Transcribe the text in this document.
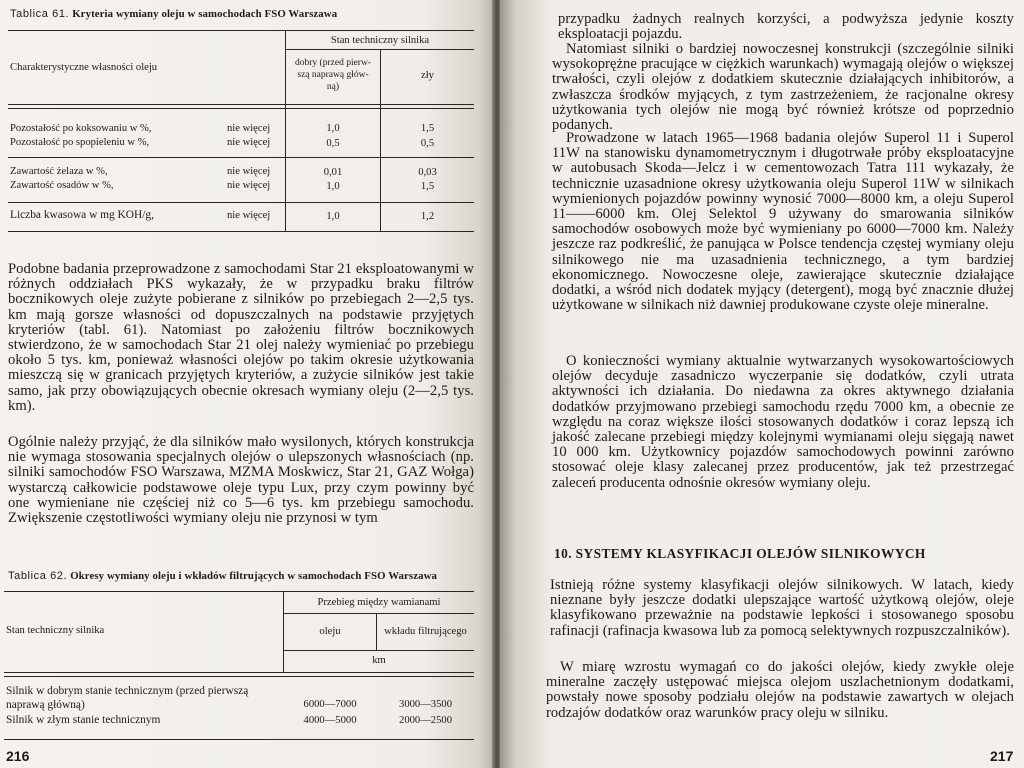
Tablica 61. Kryteria wymiany oleju w samochodach FSO Warszawa
Charakterystyczne własności oleju
Stan techniczny silnika
dobry (przed pierw-
szą naprawą głów-
ną)
zły
Pozostałość po koksowaniu w %,	nie więcej	1,0	1,5
Pozostałość po spopieleniu w %,	nie więcej	0,5	0,5
Zawartość żelaza w %,	nie więcej	0,01	0,03
Zawartość osadów w %,	nie więcej	1,0	1,5
Liczba kwasowa w mg KOH/g,	nie więcej	1,0	1,2

Podobne badania przeprowadzone z samochodami Star 21 eksploatowanymi w różnych oddziałach PKS wykazały, że w przypadku braku filtrów bocznikowych oleje zużyte pobierane z silników po przebiegach 2—2,5 tys. km mają gorsze własności od dopuszczalnych na podstawie przyjętych kryteriów (tabl. 61). Natomiast po założeniu filtrów bocznikowych stwierdzono, że w samochodach Star 21 olej należy wymieniać po przebiegu około 5 tys. km, ponieważ własności olejów po takim okresie użytkowania mieszczą się w granicach przyjętych kryteriów, a zużycie silników jest takie samo, jak przy obowiązujących obecnie okresach wymiany oleju (2—2,5 tys. km).

Ogólnie należy przyjąć, że dla silników mało wysilonych, których konstrukcja nie wymaga stosowania specjalnych olejów o ulepszonych własnościach (np. silniki samochodów FSO Warszawa, MZMA Moskwicz, Star 21, GAZ Wołga) wystarczą całkowicie podstawowe oleje typu Lux, przy czym powinny być one wymieniane nie częściej niż co 5—6 tys. km przebiegu samochodu. Zwiększenie częstotliwości wymiany oleju nie przynosi w tym

Tablica 62. Okresy wymiany oleju i wkładów filtrujących w samochodach FSO Warszawa
Stan techniczny silnika
Przebieg między wamianami
oleju	wkładu filtrującego
km
Silnik w dobrym stanie technicznym (przed pierwszą
naprawą główną)	6000—7000	3000—3500
Silnik w złym stanie technicznym	4000—5000	2000—2500
216

przypadku żadnych realnych korzyści, a podwyższa jedynie koszty eksploatacji pojazdu.

Natomiast silniki o bardziej nowoczesnej konstrukcji (szczególnie silniki wysokoprężne pracujące w ciężkich warunkach) wymagają olejów o większej trwałości, czyli olejów z dodatkiem skutecznie działających inhibitorów, a zwłaszcza środków myjących, z tym zastrzeżeniem, że racjonalne okresy użytkowania tych olejów nie mogą być również krótsze od poprzednio podanych.

Prowadzone w latach 1965—1968 badania olejów Superol 11 i Superol 11W na stanowisku dynamometrycznym i długotrwałe próby eksploatacyjne w autobusach Skoda—Jelcz i w cementowozach Tatra 111 wykazały, że technicznie uzasadnione okresy użytkowania oleju Superol 11W w silnikach wymienionych pojazdów powinny wynosić 7000—8000 km, a oleju Superol 11——6000 km. Olej Selektol 9 używany do smarowania silników samochodów osobowych może być wymieniany po 6000—7000 km. Należy jeszcze raz podkreślić, że panująca w Polsce tendencja częstej wymiany oleju silnikowego nie ma uzasadnienia technicznego, a tym bardziej ekonomicznego. Nowoczesne oleje, zawierające skutecznie działające dodatki, a wśród nich dodatek myjący (detergent), mogą być znacznie dłużej użytkowane w silnikach niż dawniej produkowane czyste oleje mineralne.

O konieczności wymiany aktualnie wytwarzanych wysokowartościowych olejów decyduje zasadniczo wyczerpanie się dodatków, czyli utrata aktywności ich działania. Do niedawna za okres aktywnego działania dodatków przyjmowano przebiegi samochodu rzędu 7000 km, a obecnie ze względu na coraz większe ilości stosowanych dodatków i coraz lepszą ich jakość zalecane przebiegi między kolejnymi wymianami oleju sięgają nawet 10 000 km. Użytkownicy pojazdów samochodowych powinni zarówno stosować oleje klasy zalecanej przez producentów, jak też przestrzegać zaleceń producenta odnośnie okresów wymiany oleju.

10. SYSTEMY KLASYFIKACJI OLEJÓW SILNIKOWYCH

Istnieją różne systemy klasyfikacji olejów silnikowych. W latach, kiedy nieznane były jeszcze dodatki ulepszające wartość użytkową olejów, oleje klasyfikowano przeważnie na podstawie lepkości i stosowanego sposobu rafinacji (rafinacja kwasowa lub za pomocą selektywnych rozpuszczalników).

W miarę wzrostu wymagań co do jakości olejów, kiedy zwykłe oleje mineralne zaczęły ustępować miejsca olejom uszlachetnionym dodatkami, powstały nowe sposoby podziału olejów na podstawie zawartych w olejach rodzajów dodatków oraz warunków pracy oleju w silniku.

217
